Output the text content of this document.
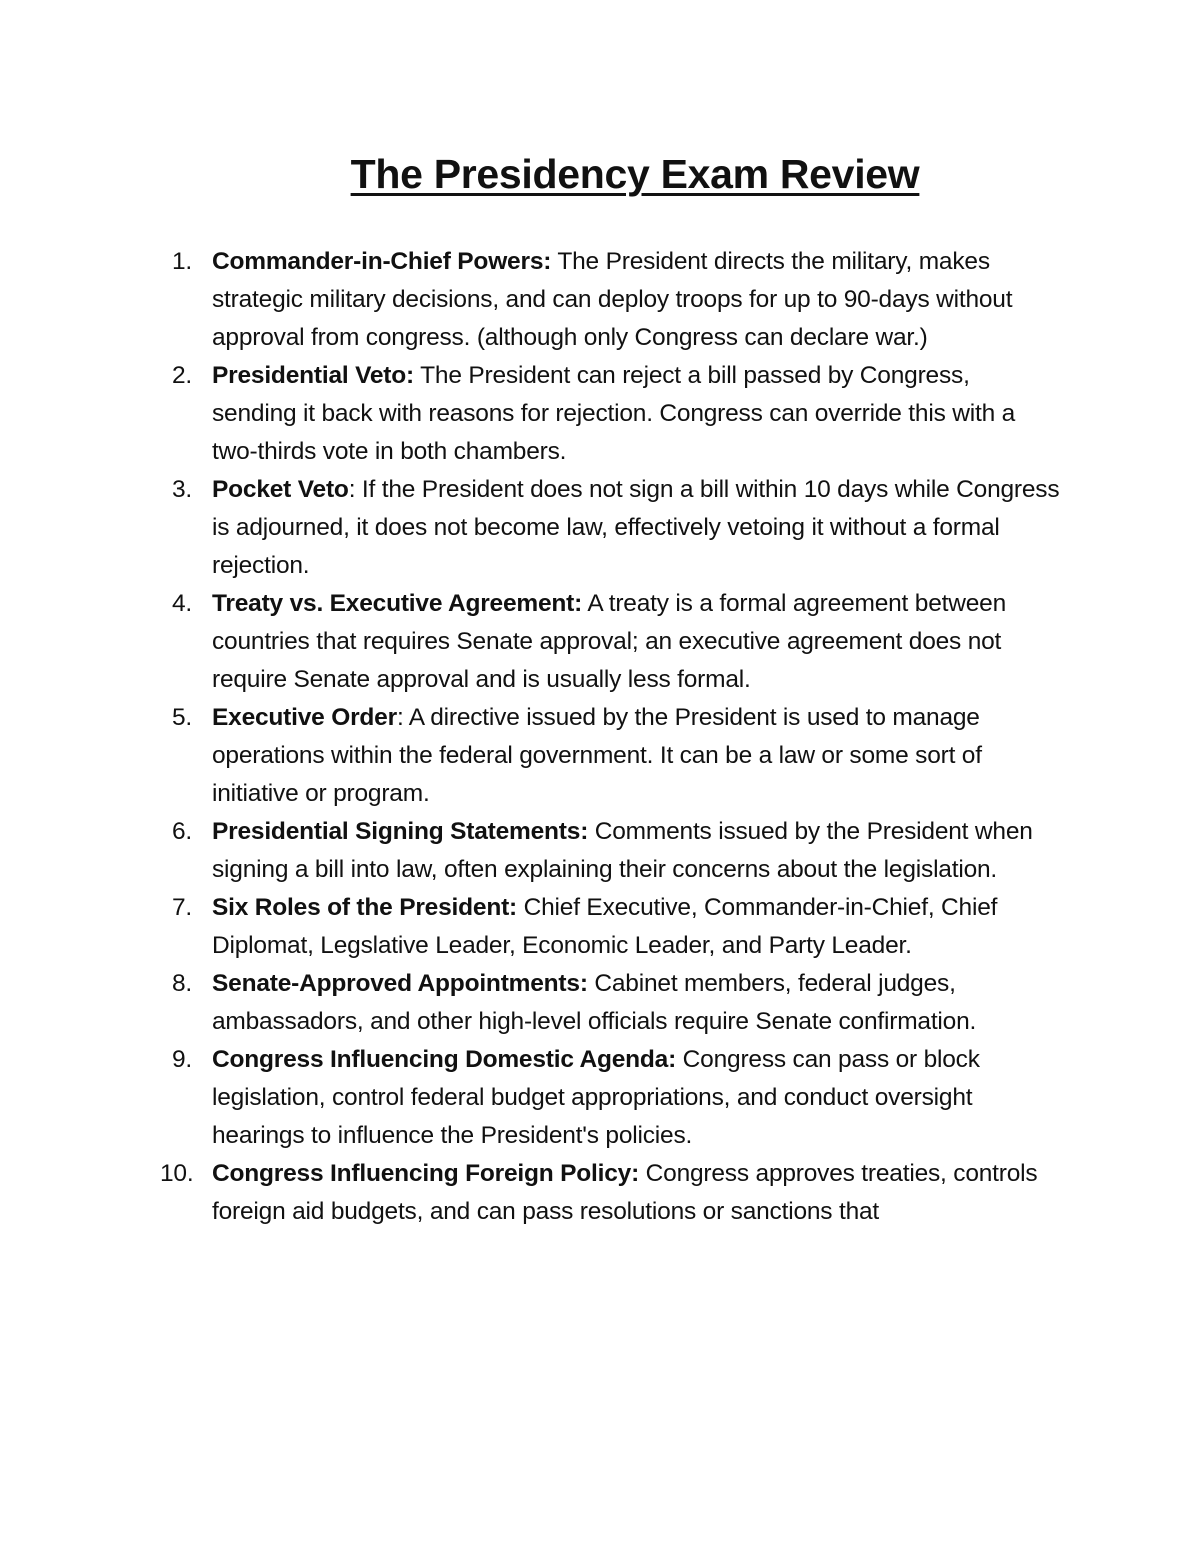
The Presidency Exam Review
1. Commander-in-Chief Powers: The President directs the military, makes strategic military decisions, and can deploy troops for up to 90-days without approval from congress. (although only Congress can declare war.)
2. Presidential Veto: The President can reject a bill passed by Congress, sending it back with reasons for rejection. Congress can override this with a two-thirds vote in both chambers.
3. Pocket Veto: If the President does not sign a bill within 10 days while Congress is adjourned, it does not become law, effectively vetoing it without a formal rejection.
4. Treaty vs. Executive Agreement: A treaty is a formal agreement between countries that requires Senate approval; an executive agreement does not require Senate approval and is usually less formal.
5. Executive Order: A directive issued by the President is used to manage operations within the federal government. It can be a law or some sort of initiative or program.
6. Presidential Signing Statements: Comments issued by the President when signing a bill into law, often explaining their concerns about the legislation.
7. Six Roles of the President: Chief Executive, Commander-in-Chief, Chief Diplomat, Legslative Leader, Economic Leader, and Party Leader.
8. Senate-Approved Appointments: Cabinet members, federal judges, ambassadors, and other high-level officials require Senate confirmation.
9. Congress Influencing Domestic Agenda: Congress can pass or block legislation, control federal budget appropriations, and conduct oversight hearings to influence the President's policies.
10. Congress Influencing Foreign Policy: Congress approves treaties, controls foreign aid budgets, and can pass resolutions or sanctions that
